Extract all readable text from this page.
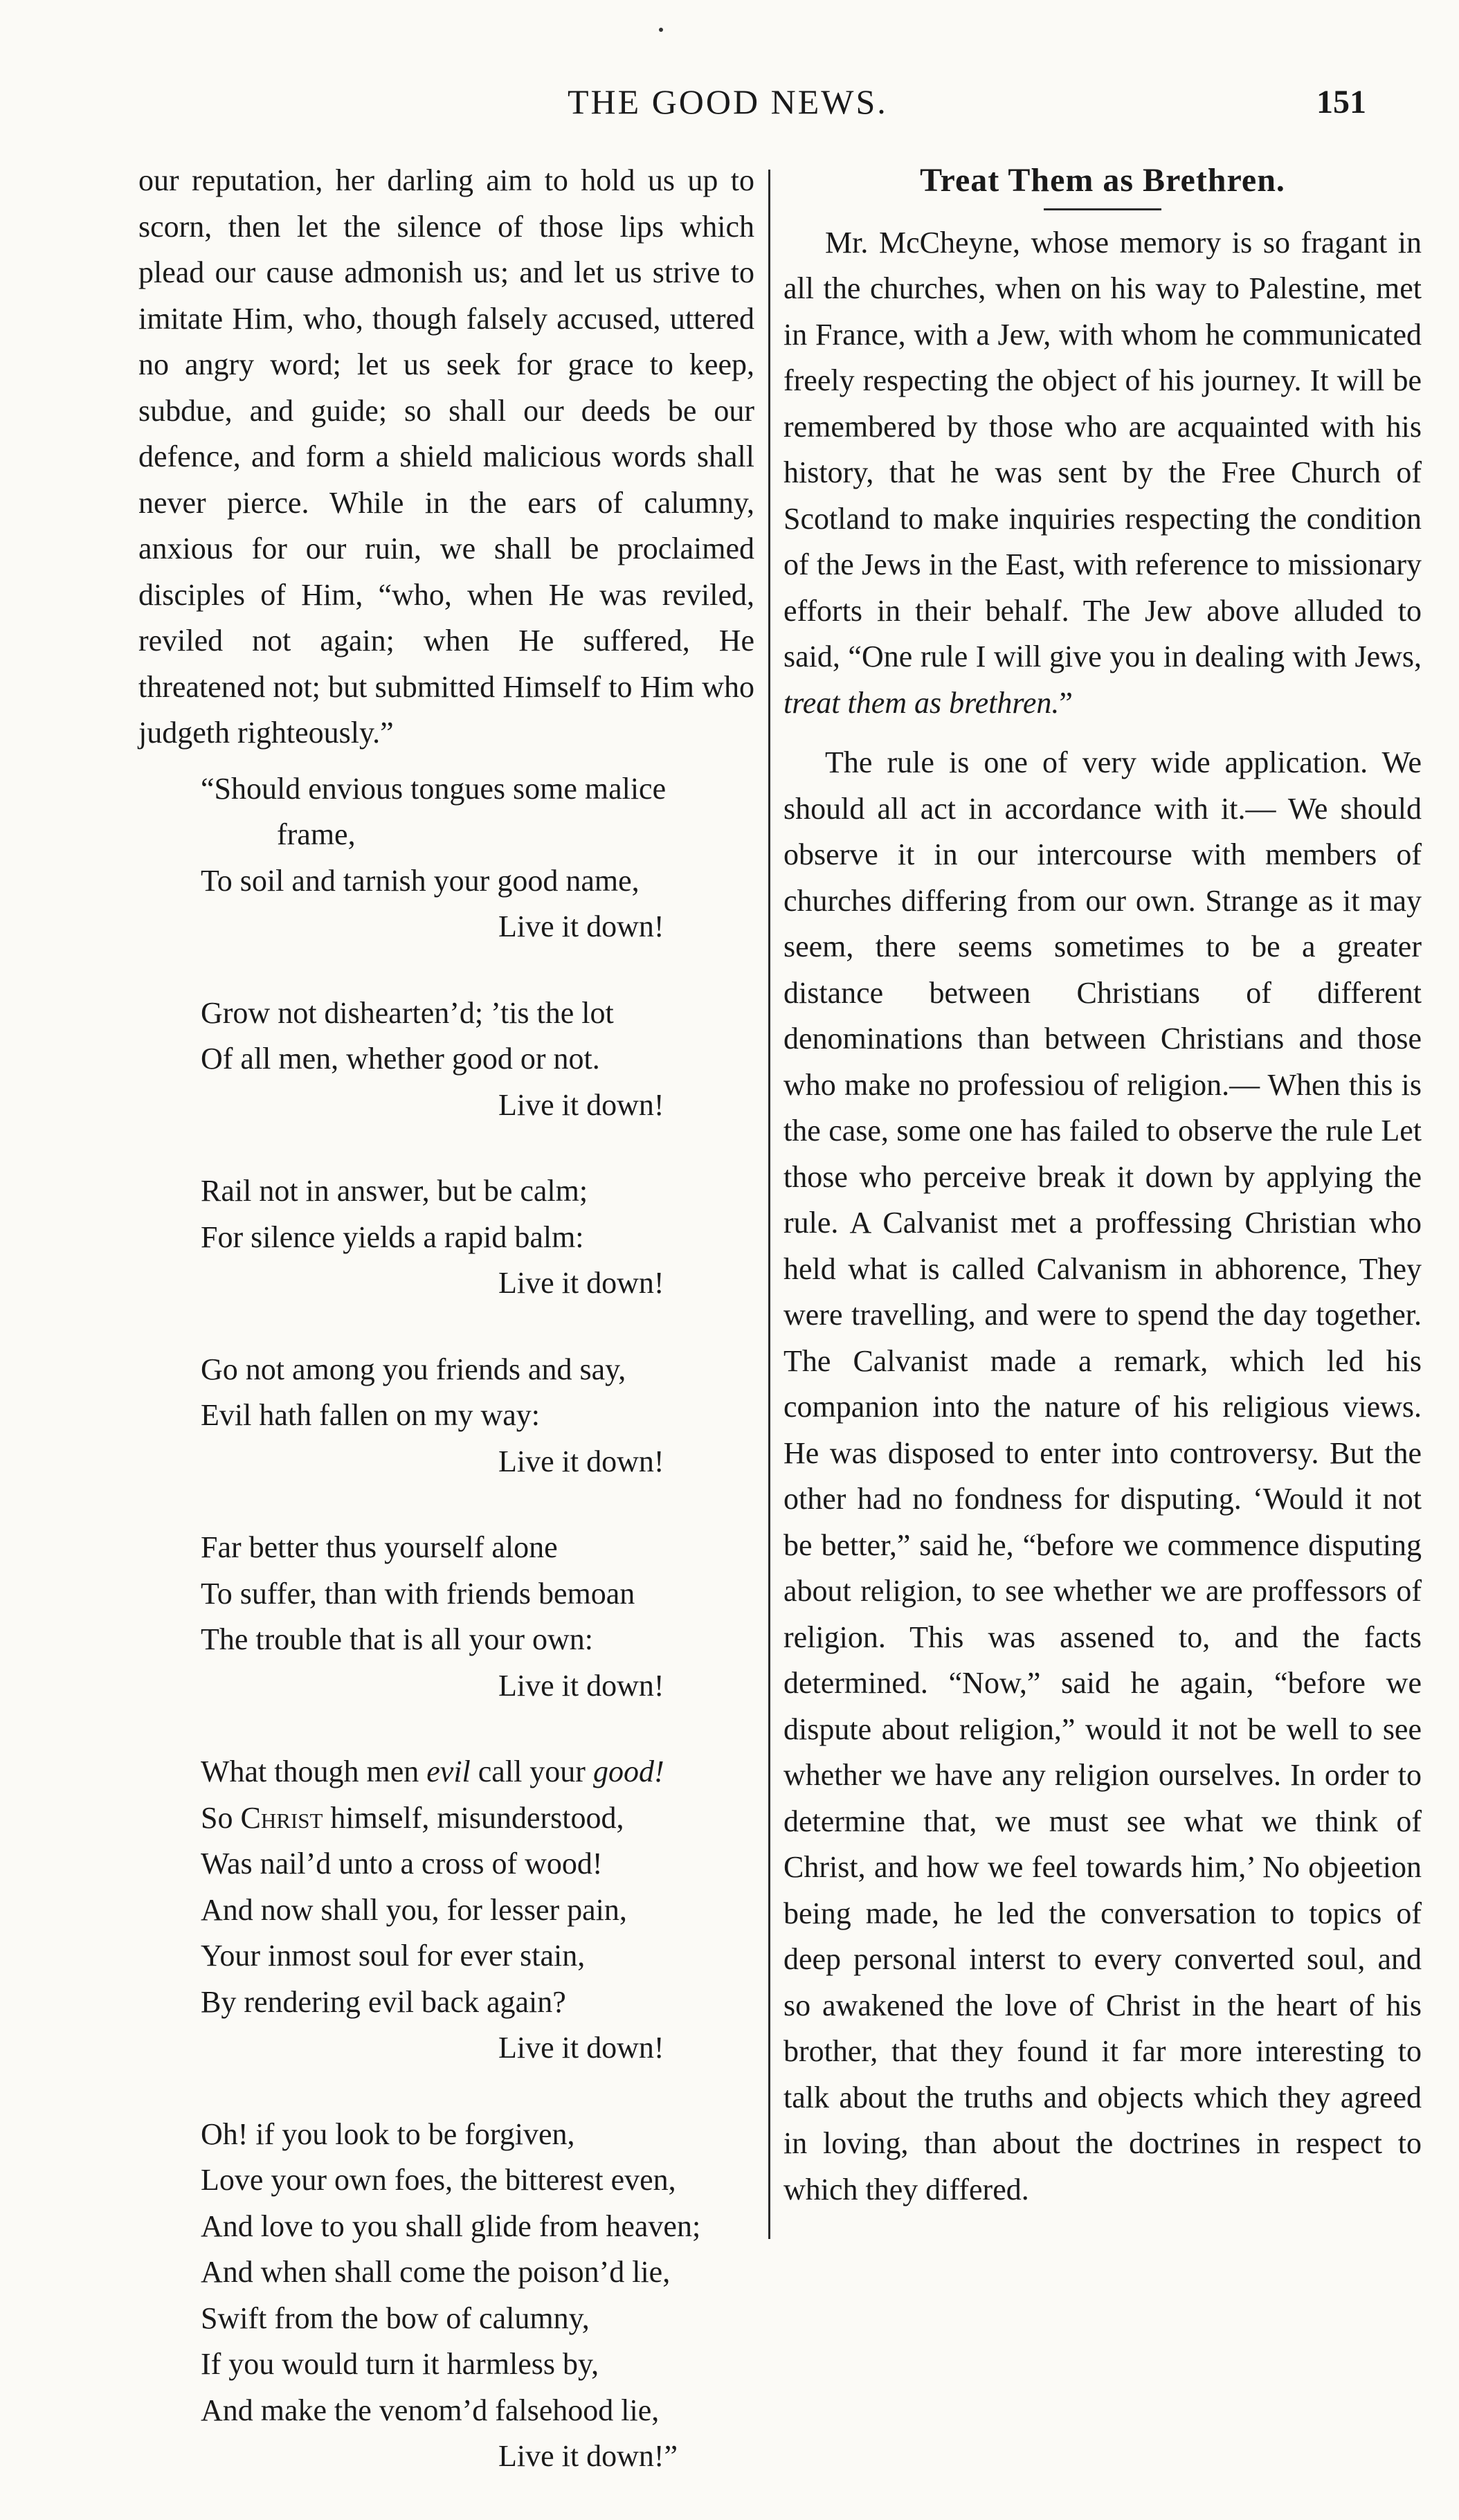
THE GOOD NEWS.	151

our reputation, her darling aim to hold us up to scorn, then let the silence of those lips which plead our cause admonish us; and let us strive to imitate Him, who, though falsely accused, uttered no angry word; let us seek for grace to keep, subdue, and guide; so shall our deeds be our defence, and form a shield malicious words shall never pierce. While in the ears of calumny, anxious for our ruin, we shall be proclaimed disciples of Him, “who, when He was reviled, reviled not again; when He suffered, He threatened not; but submitted Himself to Him who judgeth righteously.”

“Should envious tongues some malice
frame,
To soil and tarnish your good name,
Live it down!
Grow not dishearten’d; ’tis the lot
Of all men, whether good or not.
Live it down!
Rail not in answer, but be calm;
For silence yields a rapid balm:
Live it down!
Go not among you friends and say,
Evil hath fallen on my way:
Live it down!
Far better thus yourself alone
To suffer, than with friends bemoan
The trouble that is all your own:
Live it down!
What though men evil call your good!
So Christ himself, misunderstood,
Was nail’d unto a cross of wood!
And now shall you, for lesser pain,
Your inmost soul for ever stain,
By rendering evil back again?
Live it down!
Oh! if you look to be forgiven,
Love your own foes, the bitterest even,
And love to you shall glide from heaven;
And when shall come the poison’d lie,
Swift from the bow of calumny,
If you would turn it harmless by,
And make the venom’d falsehood lie,
Live it down!”
Treat Them as Brethren.

Mr. McCheyne, whose memory is so fragant in all the churches, when on his way to Palestine, met in France, with a Jew, with whom he communicated freely respecting the object of his journey. It will be remembered by those who are acquainted with his history, that he was sent by the Free Church of Scotland to make inquiries respecting the condition of the Jews in the East, with reference to missionary efforts in their behalf. The Jew above alluded to said, “One rule I will give you in dealing with Jews, treat them as brethren.”

The rule is one of very wide application. We should all act in accordance with it.— We should observe it in our intercourse with members of churches differing from our own. Strange as it may seem, there seems sometimes to be a greater distance between Christians of different denominations than between Christians and those who make no professiou of religion.— When this is the case, some one has failed to observe the rule Let those who perceive break it down by applying the rule. A Calvanist met a proffessing Christian who held what is called Calvanism in abhorence, They were travelling, and were to spend the day together. The Calvanist made a remark, which led his companion into the nature of his religious views. He was disposed to enter into controversy. But the other had no fondness for disputing. ‘Would it not be better,” said he, “before we commence disputing about religion, to see whether we are proffessors of religion. This was assened to, and the facts determined. “Now,” said he again, “before we dispute about religion,” would it not be well to see whether we have any religion ourselves. In order to determine that, we must see what we think of Christ, and how we feel towards him,’ No objeetion being made, he led the conversation to topics of deep personal interst to every converted soul, and so awakened the love of Christ in the heart of his brother, that they found it far more interesting to talk about the truths and objects which they agreed in loving, than about the doctrines in respect to which they differed.
